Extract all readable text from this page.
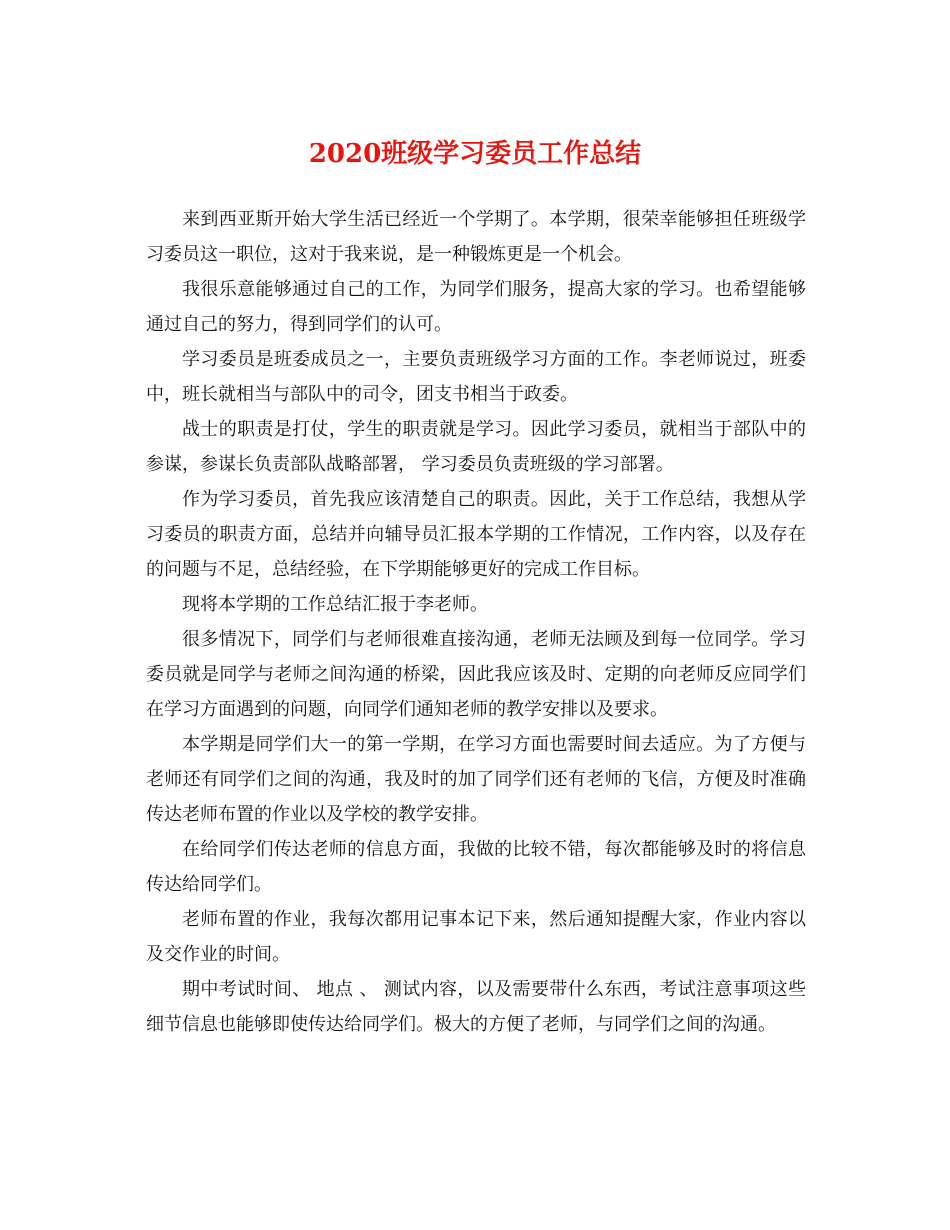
2020班级学习委员工作总结

来到西亚斯开始大学生活已经近一个学期了。本学期，很荣幸能够担任班级学习委员这一职位，这对于我来说，是一种锻炼更是一个机会。

我很乐意能够通过自己的工作，为同学们服务，提高大家的学习。也希望能够通过自己的努力，得到同学们的认可。

学习委员是班委成员之一，主要负责班级学习方面的工作。李老师说过，班委中，班长就相当与部队中的司令，团支书相当于政委。

战士的职责是打仗，学生的职责就是学习。因此学习委员，就相当于部队中的参谋，参谋长负责部队战略部署， 学习委员负责班级的学习部署。

作为学习委员，首先我应该清楚自己的职责。因此，关于工作总结，我想从学习委员的职责方面，总结并向辅导员汇报本学期的工作情况，工作内容，以及存在的问题与不足，总结经验，在下学期能够更好的完成工作目标。

现将本学期的工作总结汇报于李老师。

很多情况下，同学们与老师很难直接沟通，老师无法顾及到每一位同学。学习委员就是同学与老师之间沟通的桥梁，因此我应该及时、定期的向老师反应同学们在学习方面遇到的问题，向同学们通知老师的教学安排以及要求。

本学期是同学们大一的第一学期，在学习方面也需要时间去适应。为了方便与老师还有同学们之间的沟通，我及时的加了同学们还有老师的飞信，方便及时准确传达老师布置的作业以及学校的教学安排。

在给同学们传达老师的信息方面，我做的比较不错，每次都能够及时的将信息传达给同学们。

老师布置的作业，我每次都用记事本记下来，然后通知提醒大家，作业内容以及交作业的时间。

期中考试时间、 地点 、 测试内容，以及需要带什么东西，考试注意事项这些细节信息也能够即使传达给同学们。极大的方便了老师，与同学们之间的沟通。
